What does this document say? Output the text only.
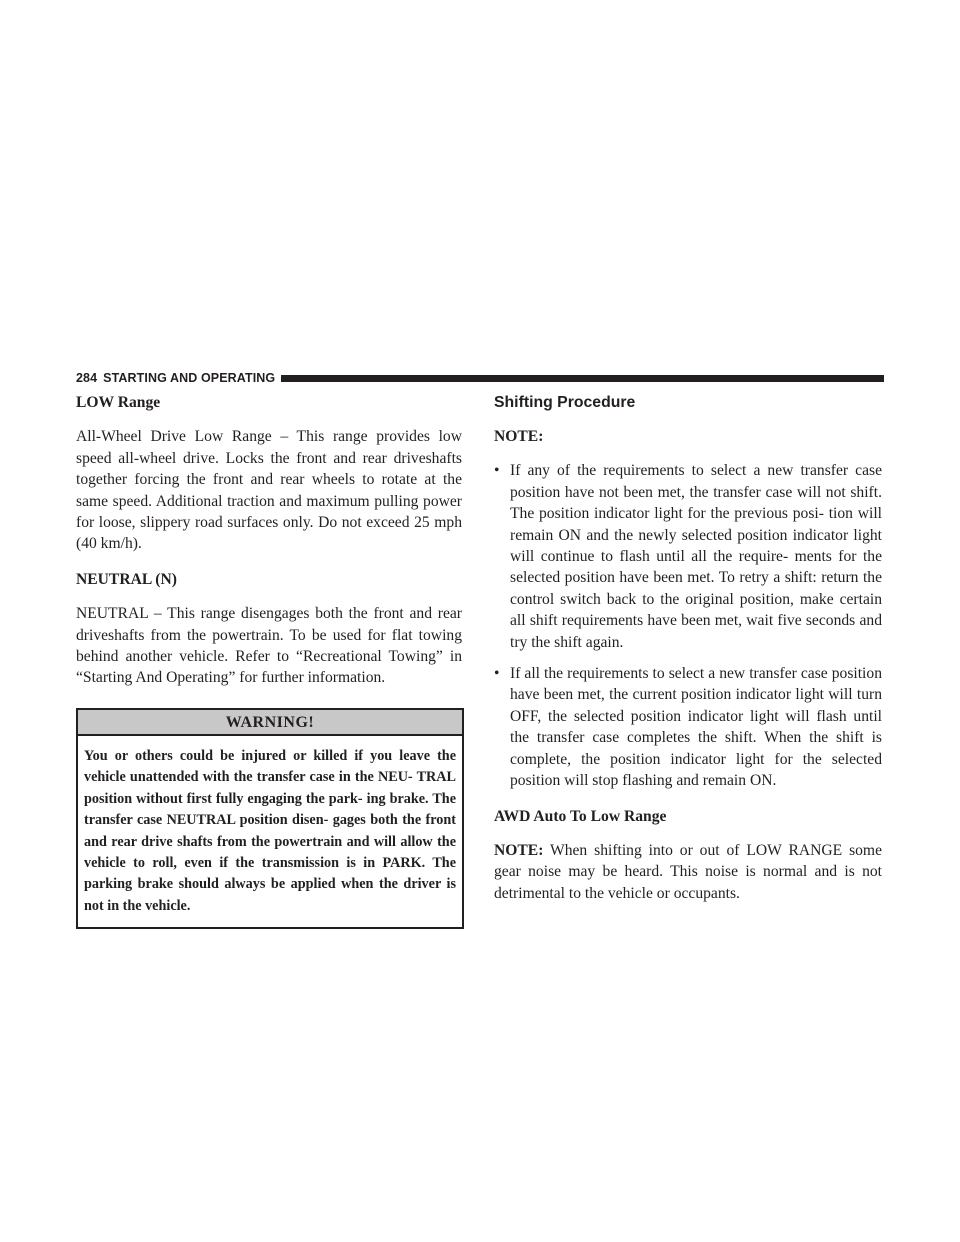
284 STARTING AND OPERATING
LOW Range

All-Wheel Drive Low Range – This range provides low speed all-wheel drive. Locks the front and rear driveshafts together forcing the front and rear wheels to rotate at the same speed. Additional traction and maximum pulling power for loose, slippery road surfaces only. Do not exceed 25 mph (40 km/h).

NEUTRAL (N)

NEUTRAL – This range disengages both the front and rear driveshafts from the powertrain. To be used for flat towing behind another vehicle. Refer to “Recreational Towing” in “Starting And Operating” for further information.

WARNING!
You or others could be injured or killed if you leave the vehicle unattended with the transfer case in the NEU- TRAL position without first fully engaging the park- ing brake. The transfer case NEUTRAL position disen- gages both the front and rear drive shafts from the powertrain and will allow the vehicle to roll, even if the transmission is in PARK. The parking brake should always be applied when the driver is not in the vehicle.
Shifting Procedure
NOTE:
• If any of the requirements to select a new transfer case position have not been met, the transfer case will not shift. The position indicator light for the previous posi- tion will remain ON and the newly selected position indicator light will continue to flash until all the require- ments for the selected position have been met. To retry a shift: return the control switch back to the original position, make certain all shift requirements have been met, wait five seconds and try the shift again.
• If all the requirements to select a new transfer case position have been met, the current position indicator light will turn OFF, the selected position indicator light will flash until the transfer case completes the shift. When the shift is complete, the position indicator light for the selected position will stop flashing and remain ON.
AWD Auto To Low Range

NOTE: When shifting into or out of LOW RANGE some gear noise may be heard. This noise is normal and is not detrimental to the vehicle or occupants.
